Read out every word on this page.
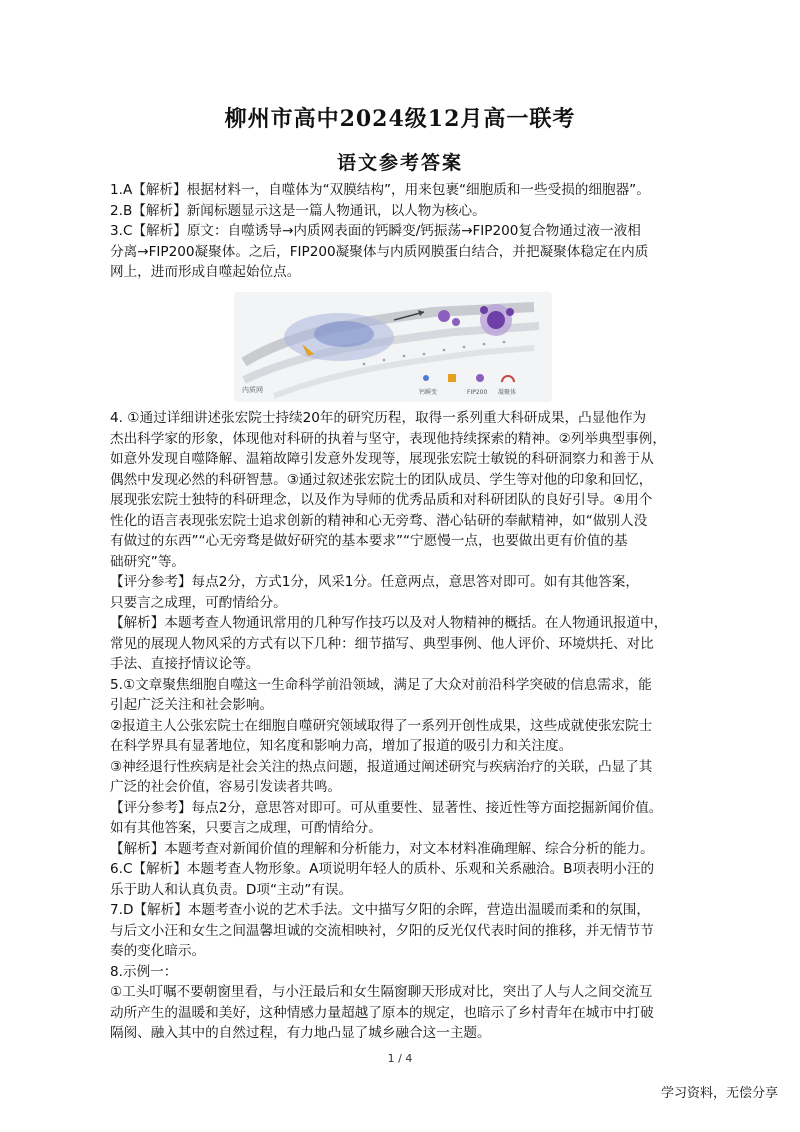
柳州市高中2024级12月高一联考
语文参考答案

1.A【解析】根据材料一，自噬体为“双膜结构”，用来包裹“细胞质和一些受损的细胞器”。

2.B【解析】新闻标题显示这是一篇人物通讯，以人物为核心。

3.C【解析】原文：自噬诱导→内质网表面的钙瞬变/钙振荡→FIP200复合物通过液一液相

分离→FIP200凝聚体。之后，FIP200凝聚体与内质网膜蛋白结合，并把凝聚体稳定在内质

网上，进而形成自噬起始位点。

内质网	钙瞬变	FIP200 凝聚体

4. ①通过详细讲述张宏院士持续20年的研究历程，取得一系列重大科研成果，凸显他作为

杰出科学家的形象，体现他对科研的执着与坚守，表现他持续探索的精神。②列举典型事例，

如意外发现自噬降解、温箱故障引发意外发现等，展现张宏院士敏锐的科研洞察力和善于从

偶然中发现必然的科研智慧。③通过叙述张宏院士的团队成员、学生等对他的印象和回忆，

展现张宏院士独特的科研理念，以及作为导师的优秀品质和对科研团队的良好引导。④用个

性化的语言表现张宏院士追求创新的精神和心无旁骛、潜心钻研的奉献精神，如“做别人没

有做过的东西”“心无旁骛是做好研究的基本要求”“宁愿慢一点，也要做出更有价值的基

础研究”等。

【评分参考】每点2分，方式1分，风采1分。任意两点，意思答对即可。如有其他答案，

只要言之成理，可酌情给分。

【解析】本题考查人物通讯常用的几种写作技巧以及对人物精神的概括。在人物通讯报道中，

常见的展现人物风采的方式有以下几种：细节描写、典型事例、他人评价、环境烘托、对比

手法、直接抒情议论等。

5.①文章聚焦细胞自噬这一生命科学前沿领域，满足了大众对前沿科学突破的信息需求，能

引起广泛关注和社会影响。

②报道主人公张宏院士在细胞自噬研究领域取得了一系列开创性成果，这些成就使张宏院士

在科学界具有显著地位，知名度和影响力高，增加了报道的吸引力和关注度。

③神经退行性疾病是社会关注的热点问题，报道通过阐述研究与疾病治疗的关联，凸显了其

广泛的社会价值，容易引发读者共鸣。

【评分参考】每点2分，意思答对即可。可从重要性、显著性、接近性等方面挖掘新闻价值。

如有其他答案，只要言之成理，可酌情给分。

【解析】本题考查对新闻价值的理解和分析能力，对文本材料准确理解、综合分析的能力。

6.C【解析】本题考查人物形象。A项说明年轻人的质朴、乐观和关系融洽。B项表明小汪的

乐于助人和认真负责。D项“主动”有误。

7.D【解析】本题考查小说的艺术手法。文中描写夕阳的余晖，营造出温暖而柔和的氛围，

与后文小汪和女生之间温馨坦诚的交流相映衬，夕阳的反光仅代表时间的推移，并无情节节

奏的变化暗示。

8.示例一：

①工头叮嘱不要朝窗里看，与小汪最后和女生隔窗聊天形成对比，突出了人与人之间交流互

动所产生的温暖和美好，这种情感力量超越了原本的规定，也暗示了乡村青年在城市中打破

隔阂、融入其中的自然过程，有力地凸显了城乡融合这一主题。

1 / 4
学习资料，无偿分享
